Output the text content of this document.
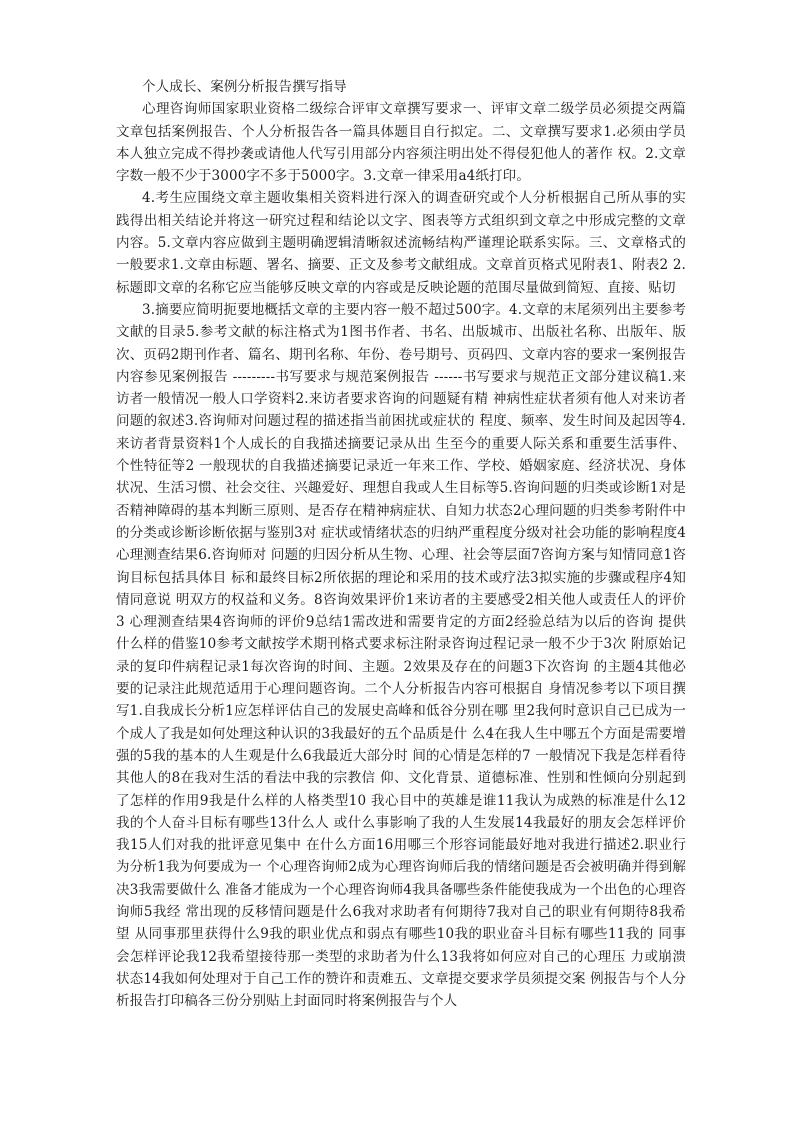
个人成长、案例分析报告撰写指导

心理咨询师国家职业资格二级综合评审文章撰写要求一、评审文章二级学员必须提交两篇文章包括案例报告、个人分析报告各一篇具体题目自行拟定。二、文章撰写要求1.必须由学员本人独立完成不得抄袭或请他人代写引用部分内容须注明出处不得侵犯他人的著作 权。2.文章字数一般不少于3000字不多于5000字。3.文章一律采用a4纸打印。

4.考生应围绕文章主题收集相关资料进行深入的调查研究或个人分析根据自己所从事的实践得出相关结论并将这一研究过程和结论以文字、图表等方式组织到文章之中形成完整的文章内容。5.文章内容应做到主题明确逻辑清晰叙述流畅结构严谨理论联系实际。三、文章格式的一般要求1.文章由标题、署名、摘要、正文及参考文献组成。文章首页格式见附表1、附表2 2.标题即文章的名称它应当能够反映文章的内容或是反映论题的范围尽量做到简短、直接、贴切

3.摘要应简明扼要地概括文章的主要内容一般不超过500字。4.文章的末尾须列出主要参考文献的目录5.参考文献的标注格式为1图书作者、书名、出版城市、出版社名称、出版年、版次、页码2期刊作者、篇名、期刊名称、年份、卷号期号、页码四、文章内容的要求一案例报告内容参见案例报告 ---------书写要求与规范案例报告 ------书写要求与规范正文部分建议稿1.来访者一般情况一般人口学资料2.来访者要求咨询的问题疑有精 神病性症状者须有他人对来访者问题的叙述3.咨询师对问题过程的描述指当前困扰或症状的 程度、频率、发生时间及起因等4.来访者背景资料1个人成长的自我描述摘要记录从出 生至今的重要人际关系和重要生活事件、个性特征等2 一般现状的自我描述摘要记录近一年来工作、学校、婚姻家庭、经济状况、身体状况、生活习惯、社会交往、兴趣爱好、理想自我或人生目标等5.咨询问题的归类或诊断1对是否精神障碍的基本判断三原则、是否存在精神病症状、自知力状态2心理问题的归类参考附件中的分类或诊断诊断依据与鉴别3对 症状或情绪状态的归纳严重程度分级对社会功能的影响程度4心理测查结果6.咨询师对 问题的归因分析从生物、心理、社会等层面7咨询方案与知情同意1咨询目标包括具体目 标和最终目标2所依据的理论和采用的技术或疗法3拟实施的步骤或程序4知情同意说 明双方的权益和义务。8咨询效果评价1来访者的主要感受2相关他人或责任人的评价3 心理测查结果4咨询师的评价9总结1需改进和需要肯定的方面2经验总结为以后的咨询 提供什么样的借鉴10参考文献按学术期刊格式要求标注附录咨询过程记录一般不少于3次 附原始记录的复印件病程记录1每次咨询的时间、主题。2效果及存在的问题3下次咨询 的主题4其他必要的记录注此规范适用于心理问题咨询。二个人分析报告内容可根据自 身情况参考以下项目撰写1.自我成长分析1应怎样评估自己的发展史高峰和低谷分别在哪 里2我何时意识自己已成为一个成人了我是如何处理这种认识的3我最好的五个品质是什 么4在我人生中哪五个方面是需要增强的5我的基本的人生观是什么6我最近大部分时 间的心情是怎样的7 一般情况下我是怎样看待其他人的8在我对生活的看法中我的宗教信 仰、文化背景、道德标准、性别和性倾向分别起到了怎样的作用9我是什么样的人格类型10 我心目中的英雄是谁11我认为成熟的标准是什么12我的个人奋斗目标有哪些13什么人 或什么事影响了我的人生发展14我最好的朋友会怎样评价我15人们对我的批评意见集中 在什么方面16用哪三个形容词能最好地对我进行描述2.职业行为分析1我为何要成为一 个心理咨询师2成为心理咨询师后我的情绪问题是否会被明确并得到解决3我需要做什么 准备才能成为一个心理咨询师4我具备哪些条件能使我成为一个出色的心理咨询师5我经 常出现的反移情问题是什么6我对求助者有何期待7我对自己的职业有何期待8我希望 从同事那里获得什么9我的职业优点和弱点有哪些10我的职业奋斗目标有哪些11我的 同事会怎样评论我12我希望接待那一类型的求助者为什么13我将如何应对自己的心理压 力或崩溃状态14我如何处理对于自己工作的赞许和责难五、文章提交要求学员须提交案 例报告与个人分析报告打印稿各三份分别贴上封面同时将案例报告与个人
